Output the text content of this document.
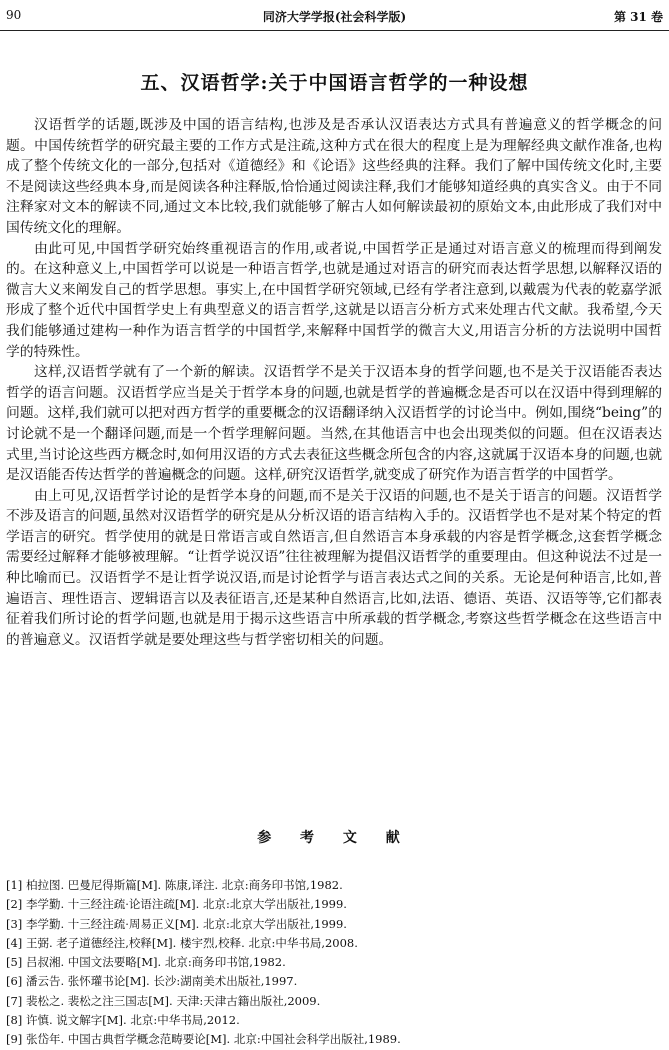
90	同济大学学报(社会科学版)	第 31 卷
五、汉语哲学:关于中国语言哲学的一种设想

汉语哲学的话题,既涉及中国的语言结构,也涉及是否承认汉语表达方式具有普遍意义的哲学概念的问题。中国传统哲学的研究最主要的工作方式是注疏,这种方式在很大的程度上是为理解经典文献作准备,也构成了整个传统文化的一部分,包括对《道德经》和《论语》这些经典的注释。我们了解中国传统文化时,主要不是阅读这些经典本身,而是阅读各种注释版,恰恰通过阅读注释,我们才能够知道经典的真实含义。由于不同注释家对文本的解读不同,通过文本比较,我们就能够了解古人如何解读最初的原始文本,由此形成了我们对中国传统文化的理解。

由此可见,中国哲学研究始终重视语言的作用,或者说,中国哲学正是通过对语言意义的梳理而得到阐发的。在这种意义上,中国哲学可以说是一种语言哲学,也就是通过对语言的研究而表达哲学思想,以解释汉语的微言大义来阐发自己的哲学思想。事实上,在中国哲学研究领域,已经有学者注意到,以戴震为代表的乾嘉学派形成了整个近代中国哲学史上有典型意义的语言哲学,这就是以语言分析方式来处理古代文献。我希望,今天我们能够通过建构一种作为语言哲学的中国哲学,来解释中国哲学的微言大义,用语言分析的方法说明中国哲学的特殊性。

这样,汉语哲学就有了一个新的解读。汉语哲学不是关于汉语本身的哲学问题,也不是关于汉语能否表达哲学的语言问题。汉语哲学应当是关于哲学本身的问题,也就是哲学的普遍概念是否可以在汉语中得到理解的问题。这样,我们就可以把对西方哲学的重要概念的汉语翻译纳入汉语哲学的讨论当中。例如,围绕“being”的讨论就不是一个翻译问题,而是一个哲学理解问题。当然,在其他语言中也会出现类似的问题。但在汉语表达式里,当讨论这些西方概念时,如何用汉语的方式去表征这些概念所包含的内容,这就属于汉语本身的问题,也就是汉语能否传达哲学的普遍概念的问题。这样,研究汉语哲学,就变成了研究作为语言哲学的中国哲学。

由上可见,汉语哲学讨论的是哲学本身的问题,而不是关于汉语的问题,也不是关于语言的问题。汉语哲学不涉及语言的问题,虽然对汉语哲学的研究是从分析汉语的语言结构入手的。汉语哲学也不是对某个特定的哲学语言的研究。哲学使用的就是日常语言或自然语言,但自然语言本身承载的内容是哲学概念,这套哲学概念需要经过解释才能够被理解。“让哲学说汉语”往往被理解为提倡汉语哲学的重要理由。但这种说法不过是一种比喻而已。汉语哲学不是让哲学说汉语,而是讨论哲学与语言表达式之间的关系。无论是何种语言,比如,普遍语言、理性语言、逻辑语言以及表征语言,还是某种自然语言,比如,法语、德语、英语、汉语等等,它们都表征着我们所讨论的哲学问题,也就是用于揭示这些语言中所承载的哲学概念,考察这些哲学概念在这些语言中的普遍意义。汉语哲学就是要处理这些与哲学密切相关的问题。

参 考 文 献
[1] 柏拉图. 巴曼尼得斯篇[M]. 陈康,译注. 北京:商务印书馆,1982.
[2] 李学勤. 十三经注疏·论语注疏[M]. 北京:北京大学出版社,1999.
[3] 李学勤. 十三经注疏·周易正义[M]. 北京:北京大学出版社,1999.
[4] 王弼. 老子道德经注,校释[M]. 楼宇烈,校释. 北京:中华书局,2008.
[5] 吕叔湘. 中国文法要略[M]. 北京:商务印书馆,1982.
[6] 潘云告. 张怀瓘书论[M]. 长沙:湖南美术出版社,1997.
[7] 裴松之. 裴松之注三国志[M]. 天津:天津古籍出版社,2009.
[8] 许慎. 说文解字[M]. 北京:中华书局,2012.
[9] 张岱年. 中国古典哲学概念范畴要论[M]. 北京:中国社会科学出版社,1989.
